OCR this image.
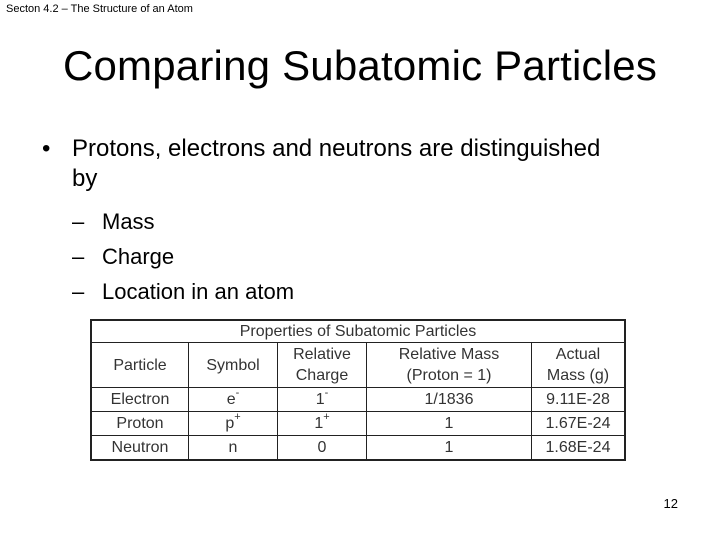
Secton 4.2 – The Structure of an Atom
Comparing Subatomic Particles
• Protons, electrons and neutrons are distinguished by
– Mass
– Charge
– Location in an atom
Properties of Subatomic Particles				
Particle	Symbol	Relative Charge	Relative Mass (Proton = 1)	Actual Mass (g)

Electron	e-	1-	1/1836	9.11E-28
Proton	p+	1+	1	1.67E-24
Neutron	n	0	1	1.68E-24
12
